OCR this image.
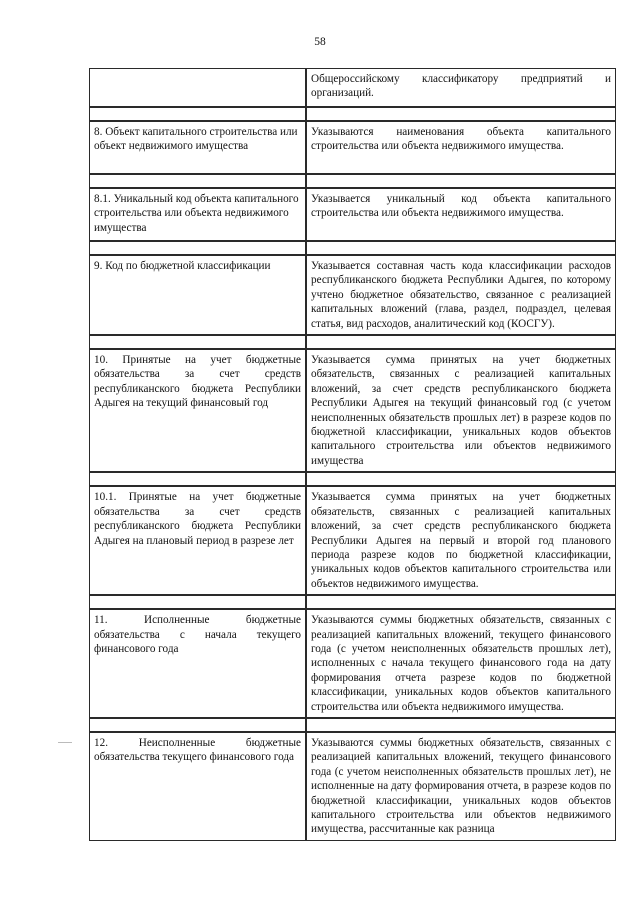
58
	Общероссийскому классификатору предприятий и организаций.

8. Объект капитального строительства или объект недвижимого имущества	Указываются наименования объекта капитального строительства или объекта недвижимого имущества.

8.1. Уникальный код объекта капитального строительства или объекта недвижимого имущества	Указывается уникальный код объекта капитального строительства или объекта недвижимого имущества.

9. Код по бюджетной классификации	Указывается составная часть кода классификации расходов республиканского бюджета Республики Адыгея, по которому учтено бюджетное обязательство, связанное с реализацией капитальных вложений (глава, раздел, подраздел, целевая статья, вид расходов, аналитический код (КОСГУ).

10. Принятые на учет бюджетные обязательства за счет средств республиканского бюджета Республики Адыгея на текущий финансовый год	Указывается сумма принятых на учет бюджетных обязательств, связанных с реализацией капитальных вложений, за счет средств республиканского бюджета Республики Адыгея на текущий финансовый год (с учетом неисполненных обязательств прошлых лет) в разрезе кодов по бюджетной классификации, уникальных кодов объектов капитального строительства или объектов недвижимого имущества

10.1. Принятые на учет бюджетные обязательства за счет средств республиканского бюджета Республики Адыгея на плановый период в разрезе лет	Указывается сумма принятых на учет бюджетных обязательств, связанных с реализацией капитальных вложений, за счет средств республиканского бюджета Республики Адыгея на первый и второй год планового периода разрезе кодов по бюджетной классификации, уникальных кодов объектов капитального строительства или объектов недвижимого имущества.

11. Исполненные бюджетные обязательства с начала текущего финансового года	Указываются суммы бюджетных обязательств, связанных с реализацией капитальных вложений, текущего финансового года (с учетом неисполненных обязательств прошлых лет), исполненных с начала текущего финансового года на дату формирования отчета разрезе кодов по бюджетной классификации, уникальных кодов объектов капитального строительства или объекта недвижимого имущества.

12. Неисполненные бюджетные обязательства текущего финансового года	Указываются суммы бюджетных обязательств, связанных с реализацией капитальных вложений, текущего финансового года (с учетом неисполненных обязательств прошлых лет), не исполненные на дату формирования отчета, в разрезе кодов по бюджетной классификации, уникальных кодов объектов капитального строительства или объектов недвижимого имущества, рассчитанные как разница
